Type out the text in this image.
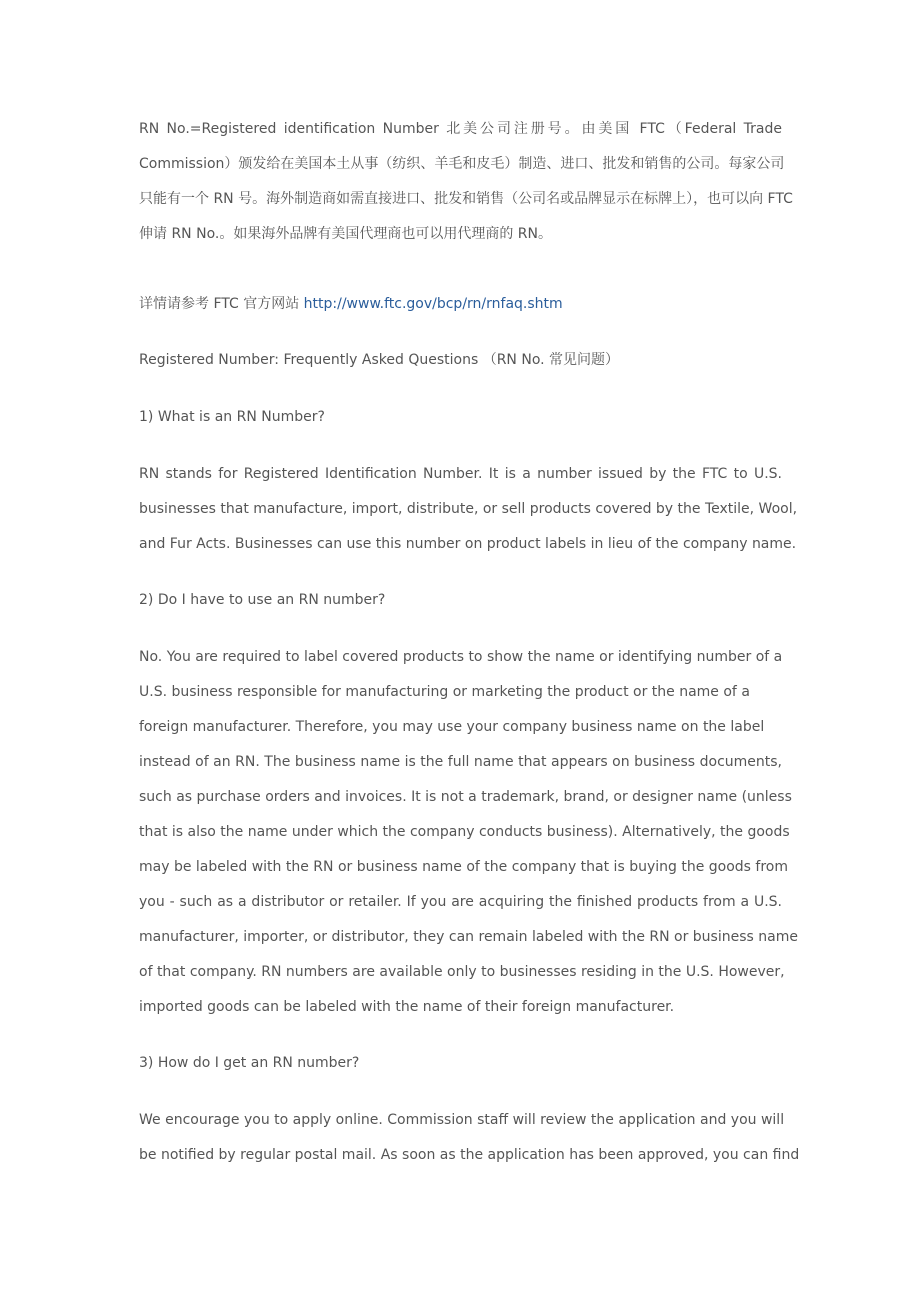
RN No.=Registered identification Number 北美公司注册号。由美国 FTC（Federal Trade
Commission）颁发给在美国本土从事（纺织、羊毛和皮毛）制造、进口、批发和销售的公司。每家公司
只能有一个 RN 号。海外制造商如需直接进口、批发和销售（公司名或品牌显示在标牌上），也可以向 FTC
伸请 RN No.。如果海外品牌有美国代理商也可以用代理商的 RN。
详情请参考 FTC 官方网站 http://www.ftc.gov/bcp/rn/rnfaq.shtm
Registered Number: Frequently Asked Questions （RN No. 常见问题）
1) What is an RN Number?
RN stands for Registered Identification Number. It is a number issued by the FTC to U.S.
businesses that manufacture, import, distribute, or sell products covered by the Textile, Wool,
and Fur Acts. Businesses can use this number on product labels in lieu of the company name.
2) Do I have to use an RN number?
No. You are required to label covered products to show the name or identifying number of a
U.S. business responsible for manufacturing or marketing the product or the name of a
foreign manufacturer. Therefore, you may use your company business name on the label
instead of an RN. The business name is the full name that appears on business documents,
such as purchase orders and invoices. It is not a trademark, brand, or designer name (unless
that is also the name under which the company conducts business). Alternatively, the goods
may be labeled with the RN or business name of the company that is buying the goods from
you - such as a distributor or retailer. If you are acquiring the finished products from a U.S.
manufacturer, importer, or distributor, they can remain labeled with the RN or business name
of that company. RN numbers are available only to businesses residing in the U.S. However,
imported goods can be labeled with the name of their foreign manufacturer.
3) How do I get an RN number?
We encourage you to apply online. Commission staff will review the application and you will
be notified by regular postal mail. As soon as the application has been approved, you can find
